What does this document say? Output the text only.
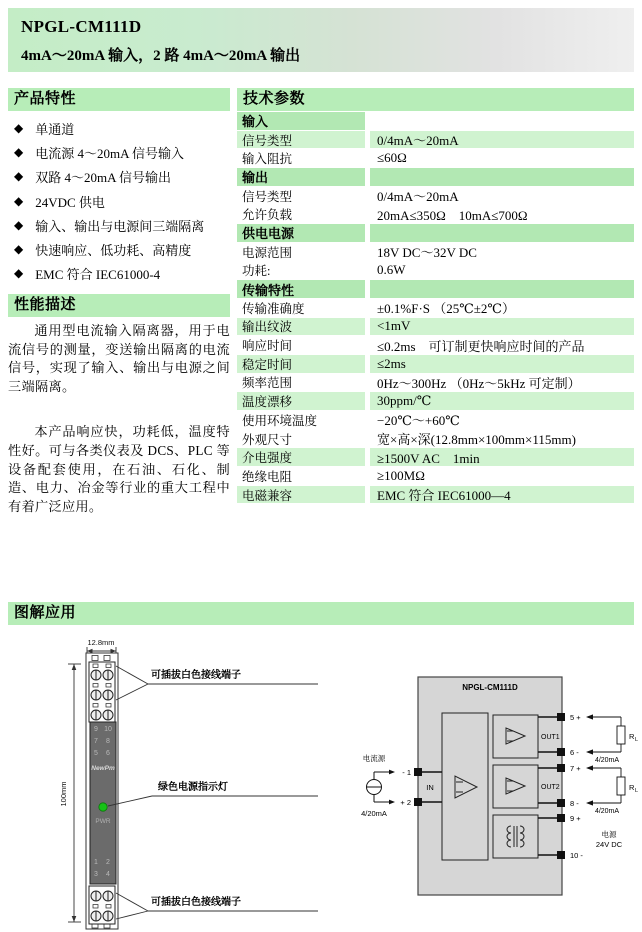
NPGL-CM111D
4mA～20mA 输入，2 路 4mA～20mA 输出
产品特性
◆ 单通道
◆ 电流源 4～20mA 信号输入
◆ 双路 4～20mA 信号输出
◆ 24VDC 供电
◆ 输入、输出与电源间三端隔离
◆ 快速响应、低功耗、高精度
◆ EMC 符合 IEC61000-4
性能描述

通用型电流输入隔离器，用于电流信号的测量，变送输出隔离的电流信号，实现了输入、输出与电源之间三端隔离。

本产品响应快，功耗低，温度特性好。可与各类仪表及 DCS、PLC 等设备配套使用，在石油、石化、制造、电力、冶金等行业的重大工程中有着广泛应用。

技术参数
输入
信号类型	0/4mA～20mA
输入阻抗	≤60Ω
输出
信号类型	0/4mA～20mA
允许负载	20mA≤350Ω　10mA≤700Ω
供电电源
电源范围	18V DC～32V DC
功耗:	0.6W
传输特性
传输准确度	±0.1%F·S （25℃±2℃）
输出纹波	<1mV
响应时间	≤0.2ms　可订制更快响应时间的产品
稳定时间	≤2ms
频率范围	0Hz～300Hz （0Hz～5kHz 可定制）
温度漂移	30ppm/℃
使用环境温度	−20℃～+60℃
外观尺寸	宽×高×深(12.8mm×100mm×115mm)
介电强度	≥1500V AC　1min
绝缘电阻	≥100MΩ
电磁兼容	EMC 符合 IEC61000—4
图解应用
12.8mm
100mm
9 10
7 8
5 6
NewPm
PWR
1 2
3 4
可插拔白色接线端子
绿色电源指示灯
可插拔白色接线端子
NPGL-CM111D
IN
OUT1
OUT2
- 1
+ 2
电流源
4/20mA
5 +
6 -
7 +
8 -
9 +
10 -
R L
4/20mA
R L
4/20mA
电源
24V DC
